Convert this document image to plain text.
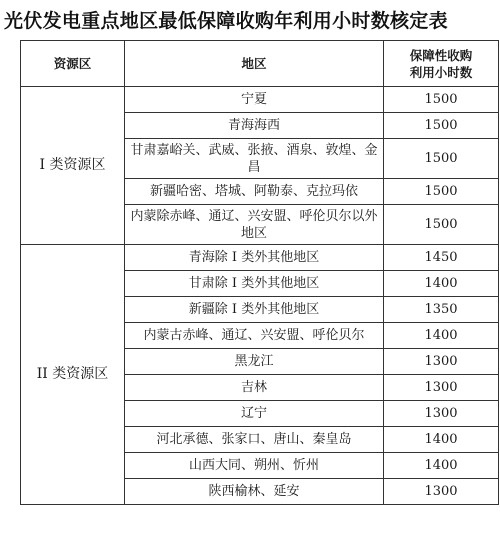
光伏发电重点地区最低保障收购年利用小时数核定表
资源区	地区	保障性收购
利用小时数

I 类资源区	宁夏	1500
	青海海西	1500
	甘肃嘉峪关、武威、张掖、酒泉、敦煌、金昌	1500
	新疆哈密、塔城、阿勒泰、克拉玛依	1500
	内蒙除赤峰、通辽、兴安盟、呼伦贝尔以外地区	1500
II 类资源区	青海除 I 类外其他地区	1450
	甘肃除 I 类外其他地区	1400
	新疆除 I 类外其他地区	1350
	内蒙古赤峰、通辽、兴安盟、呼伦贝尔	1400
	黑龙江	1300
	吉林	1300
	辽宁	1300
	河北承德、张家口、唐山、秦皇岛	1400
	山西大同、朔州、忻州	1400
	陕西榆林、延安	1300
